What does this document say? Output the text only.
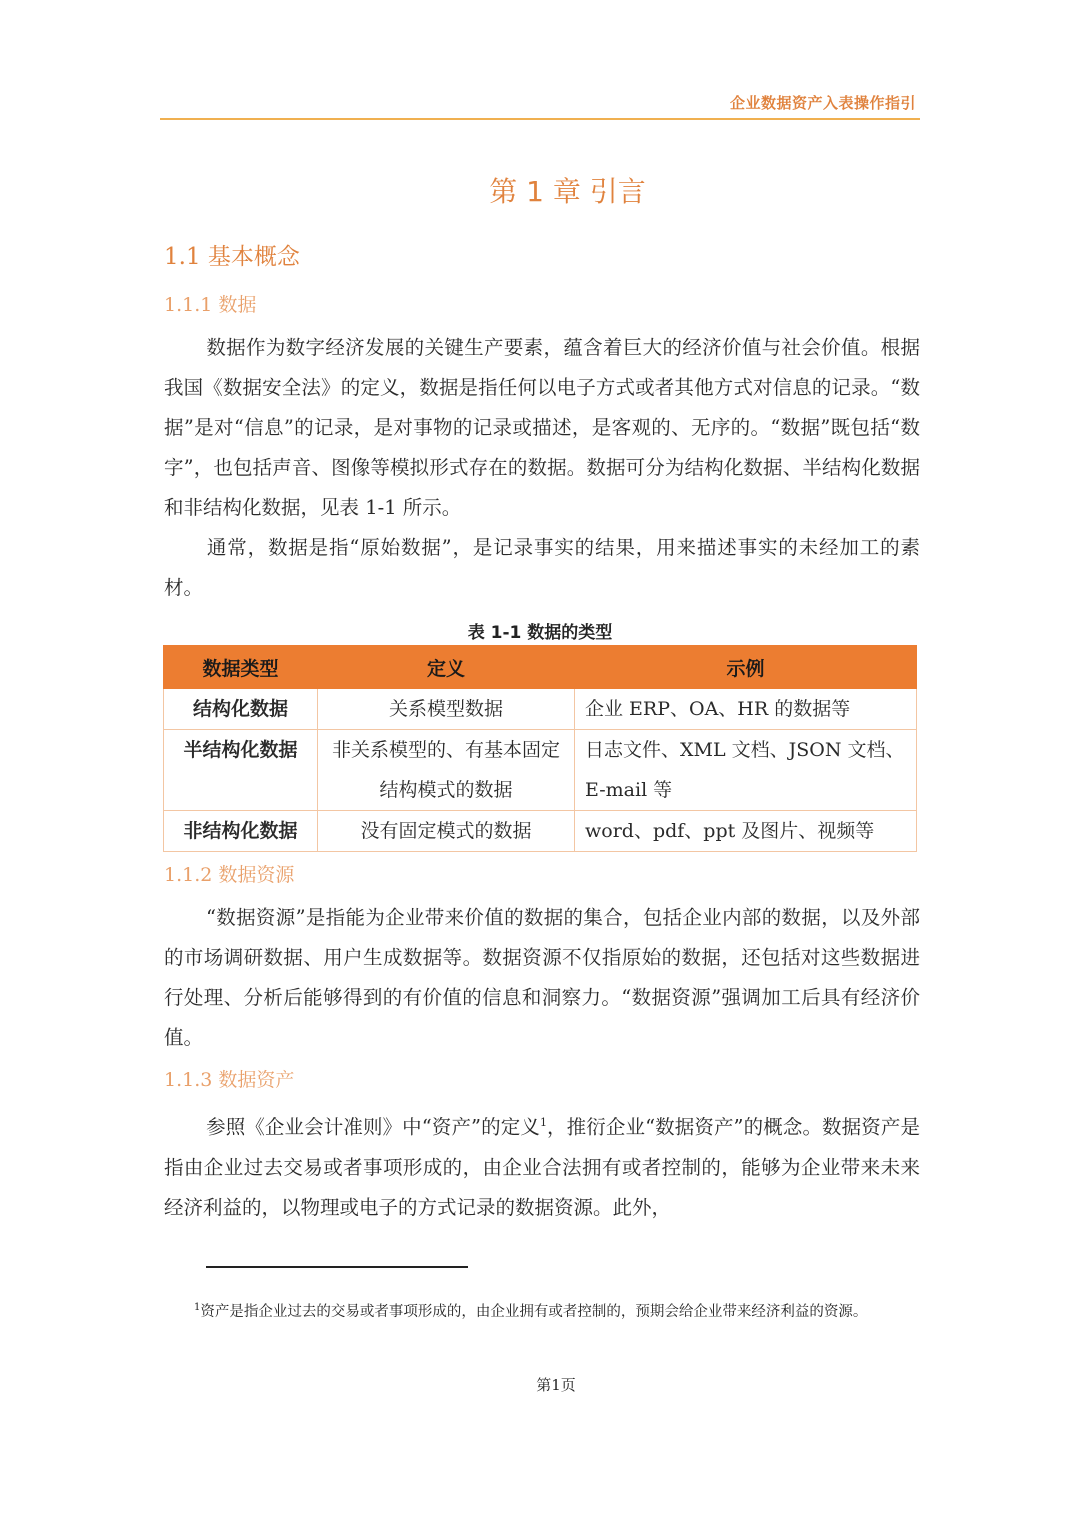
企业数据资产入表操作指引
第 1 章 引言
1.1 基本概念
1.1.1 数据
数据作为数字经济发展的关键生产要素，蕴含着巨大的经济价值与社会价值。根据我国《数据安全法》的定义，数据是指任何以电子方式或者其他方式对信息的记录。“数据”是对“信息”的记录，是对事物的记录或描述，是客观的、无序的。“数据”既包括“数字”，也包括声音、图像等模拟形式存在的数据。数据可分为结构化数据、半结构化数据和非结构化数据，见表 1-1 所示。
通常，数据是指“原始数据”，是记录事实的结果，用来描述事实的未经加工的素材。
表 1-1 数据的类型
数据类型	定义	示例
结构化数据	关系模型数据	企业 ERP、OA、HR 的数据等
半结构化数据	非关系模型的、有基本固定结构模式的数据	日志文件、XML 文档、JSON 文档、E-mail 等
非结构化数据	没有固定模式的数据	word、pdf、ppt 及图片、视频等
1.1.2 数据资源
“数据资源”是指能为企业带来价值的数据的集合，包括企业内部的数据，以及外部的市场调研数据、用户生成数据等。数据资源不仅指原始的数据，还包括对这些数据进行处理、分析后能够得到的有价值的信息和洞察力。“数据资源”强调加工后具有经济价值。
1.1.3 数据资产
参照《企业会计准则》中“资产”的定义$^1$，推衍企业“数据资产”的概念。数据资产是指由企业过去交易或者事项形成的，由企业合法拥有或者控制的，能够为企业带来未来经济利益的，以物理或电子的方式记录的数据资源。此外，
$^1$资产是指企业过去的交易或者事项形成的，由企业拥有或者控制的，预期会给企业带来经济利益的资源。
第1页
